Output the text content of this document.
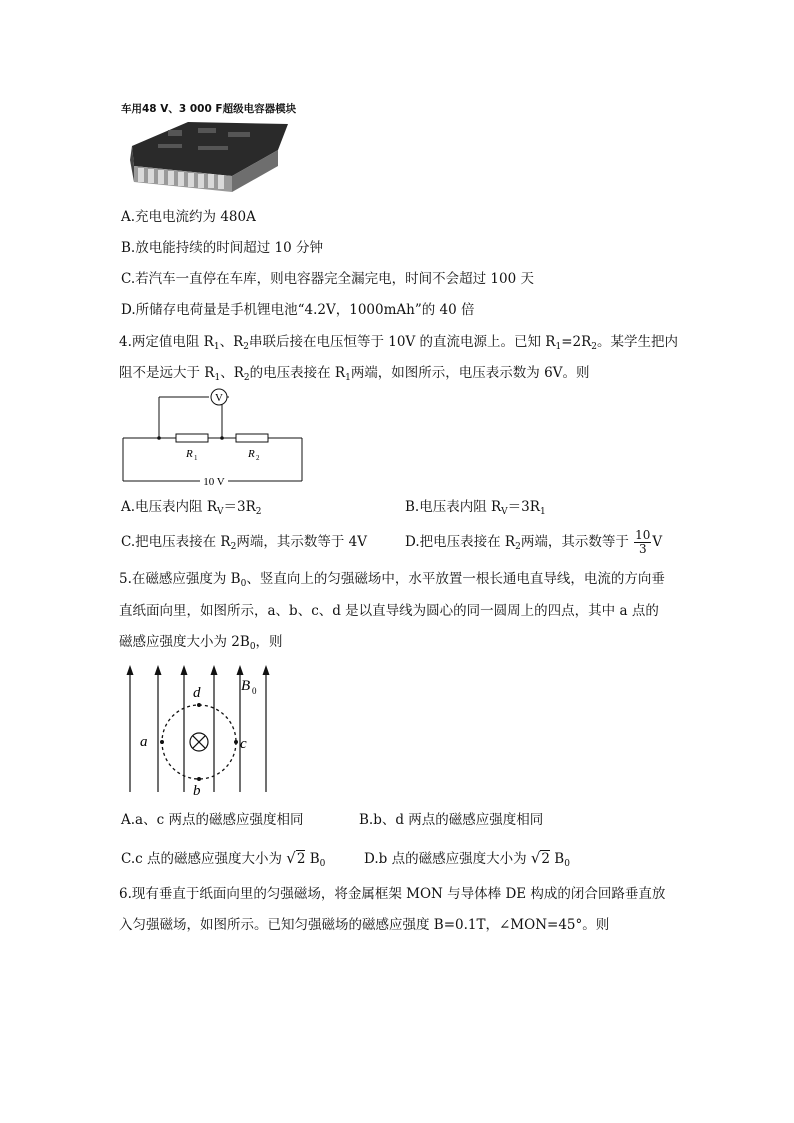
车用48 V、3 000 F超级电容器模块
A.充电电流约为 480A
B.放电能持续的时间超过 10 分钟
C.若汽车一直停在车库，则电容器完全漏完电，时间不会超过 100 天
D.所储存电荷量是手机锂电池“4.2V，1000mAh”的 40 倍
4.两定值电阻 $R_1$、$R_2$串联后接在电压恒等于 10V 的直流电源上。已知 $R_1=2R_2$。某学生把内
阻不是远大于 $R_1$、$R_2$的电压表接在 $R_1$两端，如图所示，电压表示数为 6V。则
V
R 1	R 2
10 V
A.电压表内阻 $R_V=3R_2$	B.电压表内阻 $R_V=3R_1$
C.把电压表接在 $R_2$两端，其示数等于 4V	D.把电压表接在 $R_2$两端，其示数等于 $\frac{10}{3}$ V
5.在磁感应强度为 $B_0$、竖直向上的匀强磁场中，水平放置一根长通电直导线，电流的方向垂
直纸面向里，如图所示，a、b、c、d 是以直导线为圆心的同一圆周上的四点，其中 a 点的
磁感应强度大小为 $2B_0$，则
d
b
a	c
B 0
A.a、c 两点的磁感应强度相同	B.b、d 两点的磁感应强度相同
C.c 点的磁感应强度大小为 √2 $B_0$	D.b 点的磁感应强度大小为 √2 $B_0$
6.现有垂直于纸面向里的匀强磁场，将金属框架 MON 与导体棒 DE 构成的闭合回路垂直放
入匀强磁场，如图所示。已知匀强磁场的磁感应强度 B=0.1T，∠MON=45°。则
